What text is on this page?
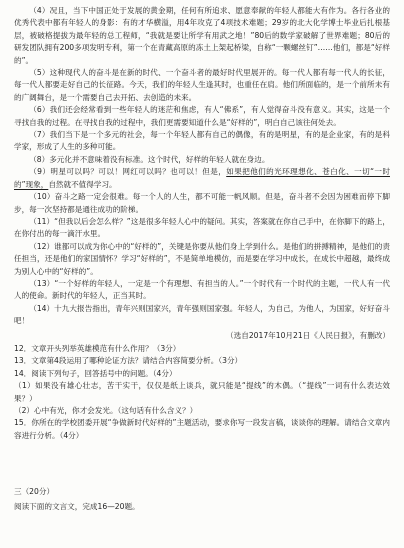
（4）况且，当下中国正处于发展的黄金期，任何有所追求、愿意奉献的年轻人都能大有作为。各行各业的优秀代表中都有年轻人的身影：有的才华横溢，用4年攻克了4项技术难题；29岁的北大化学博士毕业后扎根基层，被破格提拔为最年轻的总工程师，“我就是要让所学有用武之地！”80后的数学家破解了世界难题；80后的研发团队拥有200多项发明专利，第一个在青藏高原的冻土上架起桥梁，自称“一颗螺丝钉”……他们，都是“好样的”。

（5）这种现代人的奋斗是在新的时代、一个奋斗者的最好时代里展开的。每一代人都有每一代人的长征，每一代人都要走好自己的长征路。今天，我们的年轻人生逢其时，也重任在肩。他们所面临的，是一个前所未有的广阔舞台，是一个需要自己去开拓、去创造的未来。

（6）我们还会经常看到一些年轻人的迷茫和焦虑，有人“佛系”，有人觉得奋斗没有意义。其实，这是一个寻找自我的过程。在寻找自我的过程中，我们更需要知道什么是“好样的”，明白自己该往何处去。

（7）我们当下是一个多元的社会，每一个年轻人都有自己的偶像，有的是明星，有的是企业家，有的是科学家，形成了人生的多种可能。

（8）多元化并不意味着没有标准。这个时代，好样的年轻人就在身边。

（9）明星可以吗？可以！网红可以吗？也可以！但是，如果把他们的光环理想化、苍白化、一切“一时的”现象，自然就不值得学习。

（10）奋斗之路一定会很难。每一个人的人生，都不可能一帆风顺。但是，奋斗者不会因为困难而停下脚步，每一次坚持都是通往成功的阶梯。

（11）“但我以后会怎么样？”这是很多年轻人心中的疑问。其实，答案就在你自己手中，在你脚下的路上，在你付出的每一滴汗水里。

（12）谁都可以成为你心中的“好样的”，关键是你要从他们身上学到什么。是他们的拼搏精神，是他们的责任担当，还是他们的家国情怀？学习“好样的”，不是简单地模仿，而是要在学习中成长，在成长中超越，最终成为别人心中的“好样的”。

（13）“一个好样的年轻人，一定是一个有理想、有担当的人。”一个时代有一个时代的主题，一代人有一代人的使命。新时代的年轻人，正当其时。

（14）十九大报告指出，青年兴则国家兴，青年强则国家强。年轻人，为自己，为他人，为国家，好好奋斗吧！

（选自2017年10月21日《人民日报》，有删改）

12．文章开头列举英雄模范有什么作用？（3分）

13．文章第4段运用了哪种论证方法？请结合内容简要分析。（3分）

14．阅读下列句子，回答括号中的问题。（4分）

（1）如果没有雄心壮志，苦干实干，仅仅是纸上谈兵，就只能是“提线”的木偶。（“提线”一词有什么表达效果？）

（2）心中有光，你才会发光。（这句话有什么含义？）

15．你所在的学校团委开展“争做新时代好样的”主题活动，要求你写一段发言稿，谈谈你的理解。请结合文章内容进行分析。（4分）

三（20分）

阅读下面的文言文，完成16—20题。
